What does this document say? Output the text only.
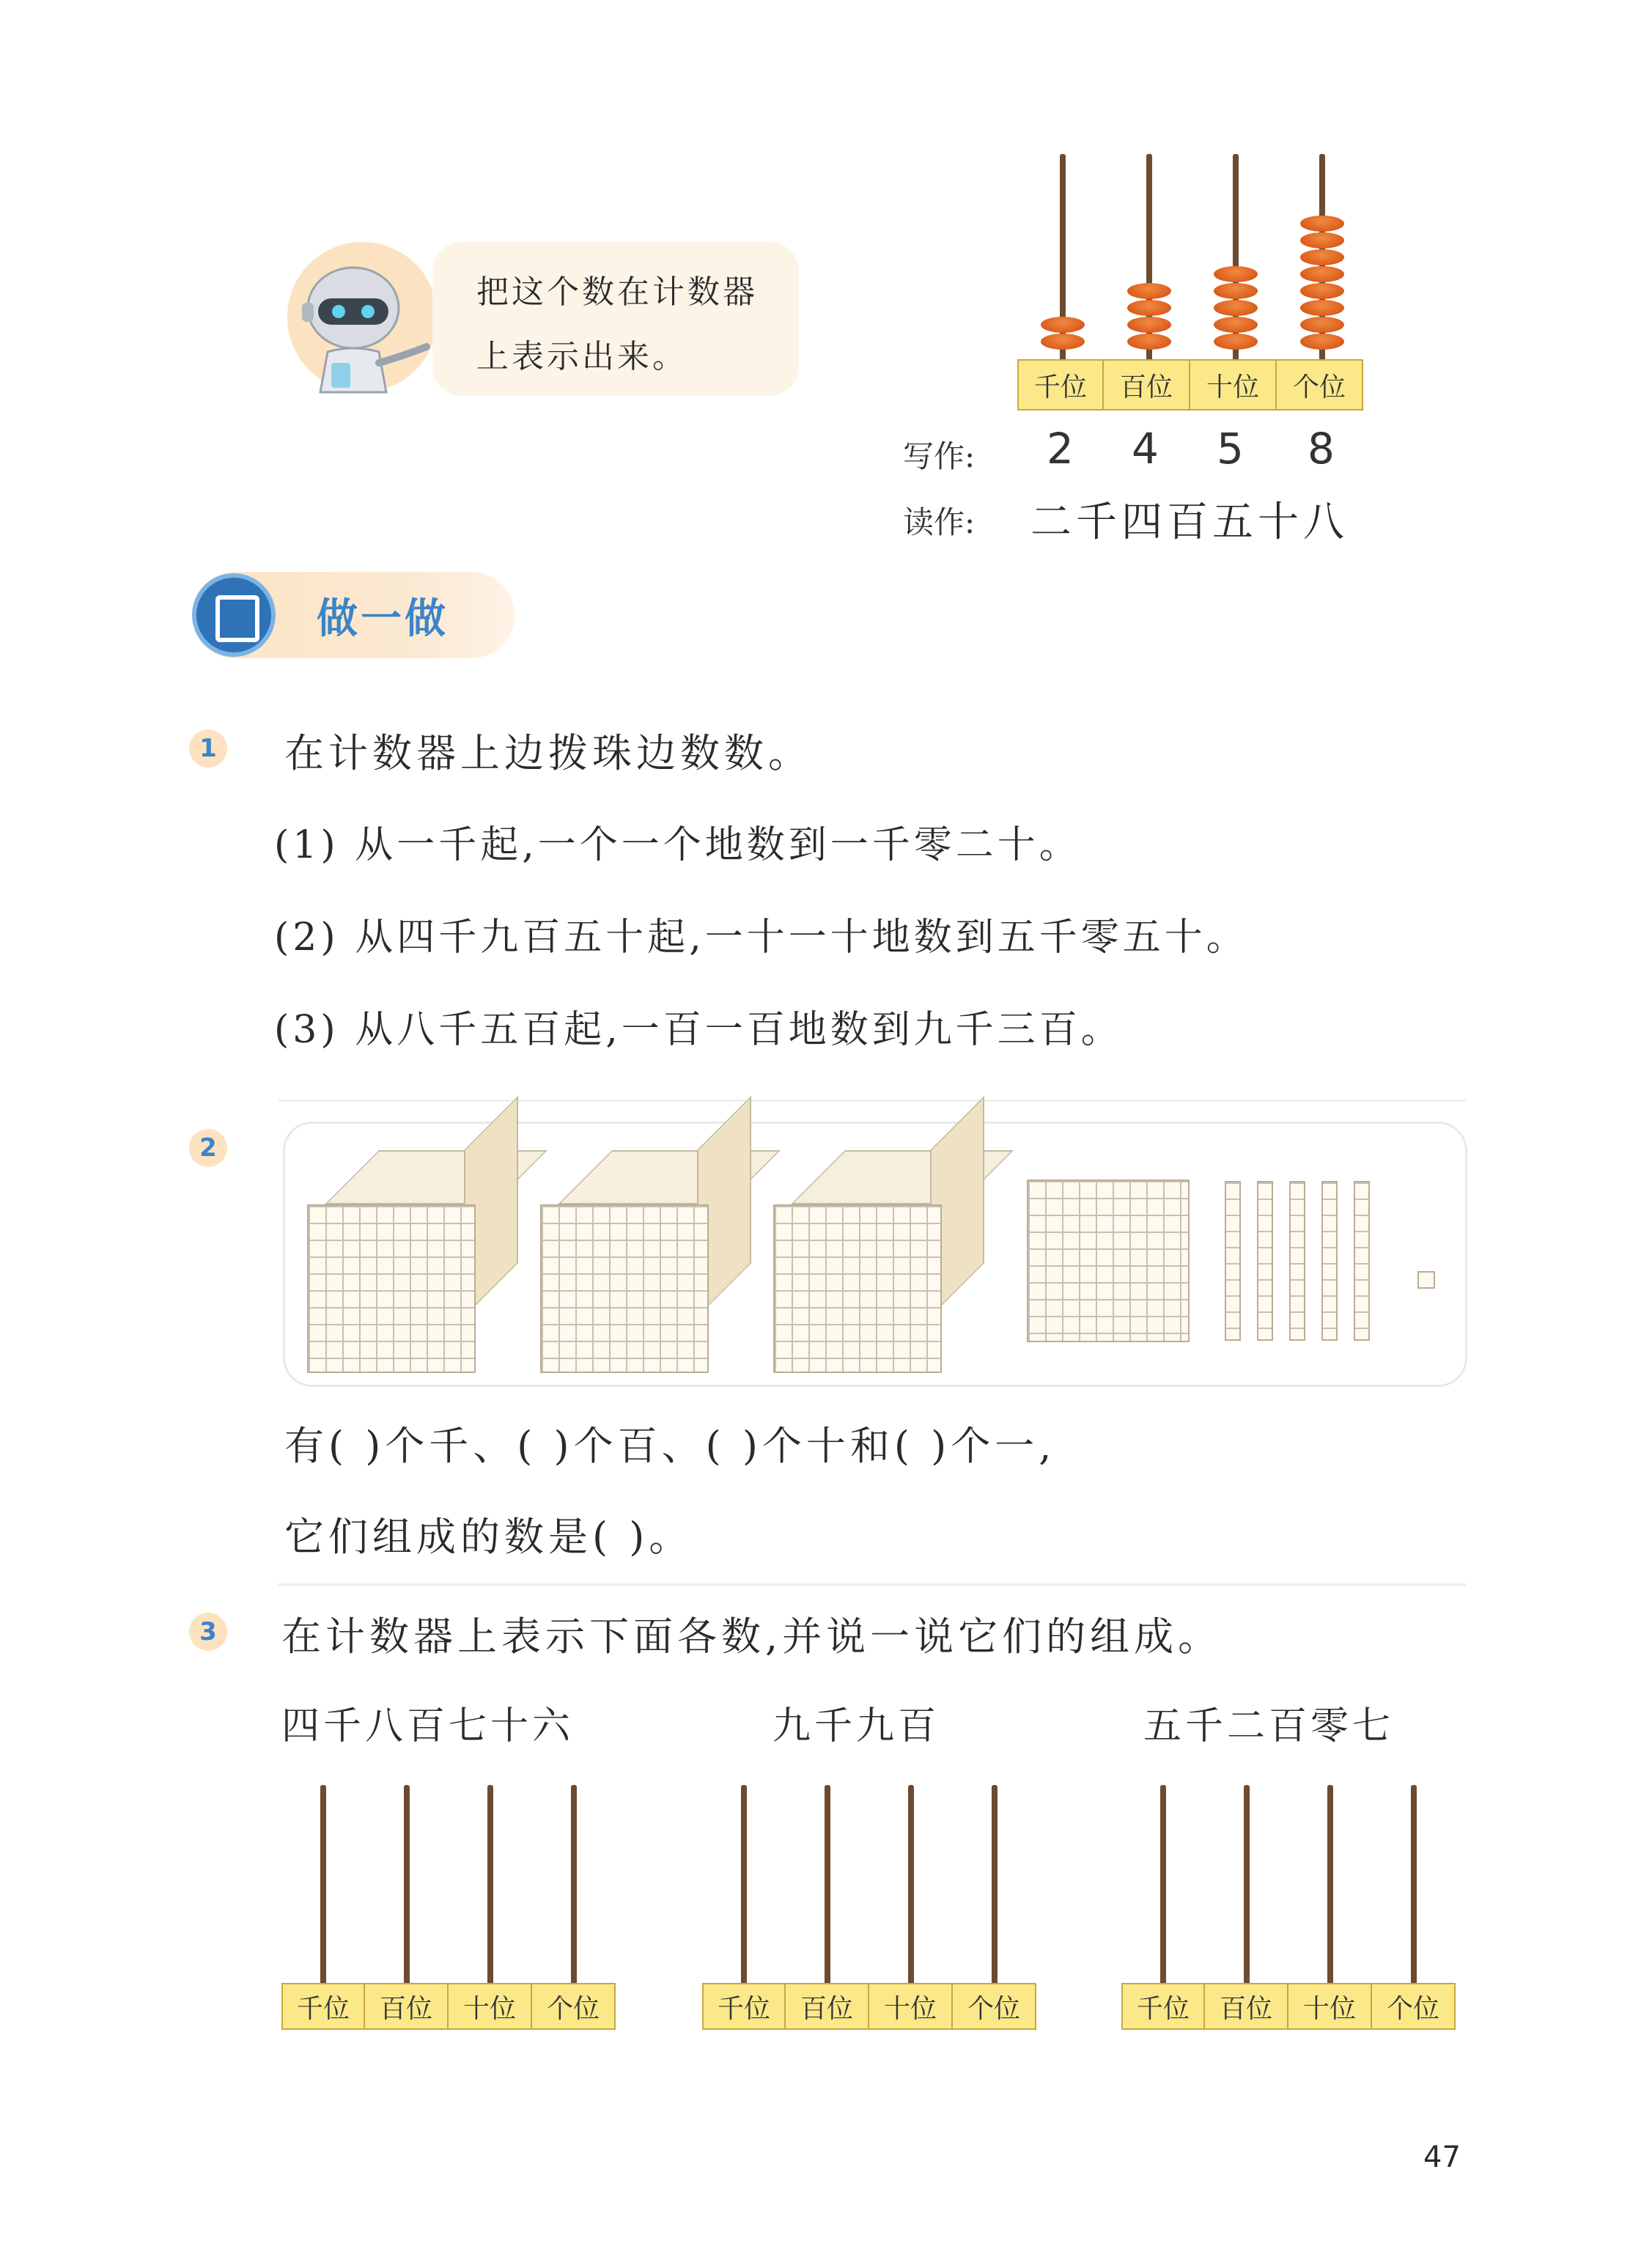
把这个数在计数器
上表示出来。
千位	百位	十位	个位
写作: 2 4 5 8
读作: 二千四百五十八
做一做
1 在计数器上边拨珠边数数。
(1) 从一千起,一个一个地数到一千零二十。
(2) 从四千九百五十起,一十一十地数到五千零五十。
(3) 从八千五百起,一百一百地数到九千三百。
2
有( )个千、( )个百、( )个十和( )个一,
它们组成的数是( )。
3 在计数器上表示下面各数,并说一说它们的组成。
四千八百七十六	九千九百	五千二百零七
千位	百位	十位	个位	千位	百位	十位	个位	千位	百位	十位	个位
47
